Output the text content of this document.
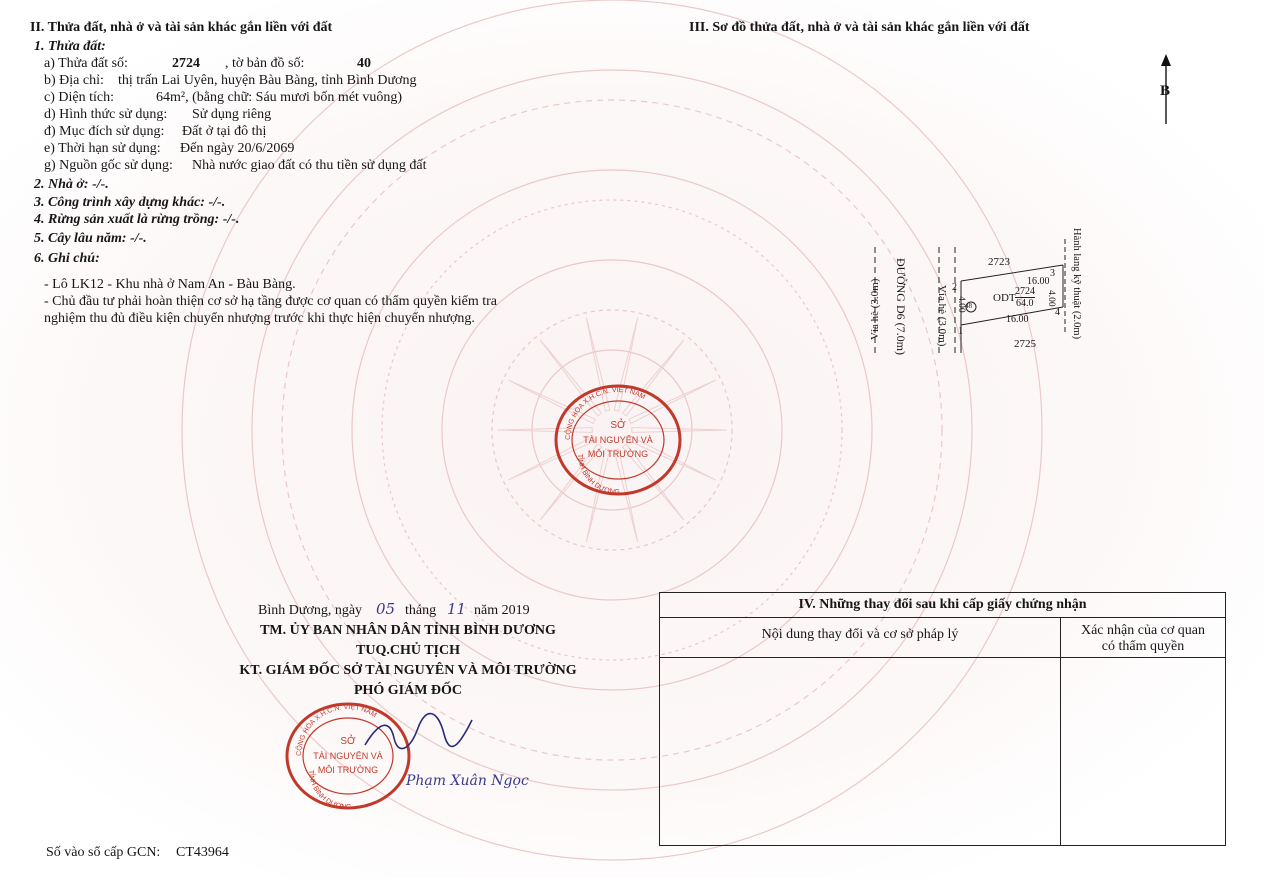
II. Thửa đất, nhà ở và tài sản khác gắn liền với đất
1. Thửa đất:
a) Thửa đất số:	2724 , tờ bản đồ số:	40
b) Địa chỉ: thị trấn Lai Uyên, huyện Bàu Bàng, tỉnh Bình Dương
c) Diện tích:	64m², (bằng chữ: Sáu mươi bốn mét vuông)
d) Hình thức sử dụng: Sử dụng riêng
đ) Mục đích sử dụng: Đất ở tại đô thị
e) Thời hạn sử dụng: Đến ngày 20/6/2069
g) Nguồn gốc sử dụng: Nhà nước giao đất có thu tiền sử dụng đất
2. Nhà ở: -/-.
3. Công trình xây dựng khác: -/-.
4. Rừng sản xuất là rừng trồng: -/-.
5. Cây lâu năm: -/-.
6. Ghi chú:
- Lô LK12 - Khu nhà ở Nam An - Bàu Bàng.
- Chủ đầu tư phải hoàn thiện cơ sở hạ tầng được cơ quan có thẩm quyền kiểm tra
nghiệm thu đủ điều kiện chuyển nhượng trước khi thực hiện chuyển nhượng.
III. Sơ đồ thửa đất, nhà ở và tài sản khác gắn liền với đất
B
Vỉa hè (3.0m) ĐƯỜNG D6 (7.0m)	Vỉa hè (3.0m)	Hành lang kỹ thuật (2.0m)
2723
2725
16.00
16.00
ODT
2724
64.0
4.00	4.00
1
2
3
4
48
CỘNG HÒA X.H.C.N. VIỆT NAM
TỈNH BÌNH DƯƠNG
SỞ
TÀI NGUYÊN VÀ
MÔI TRƯỜNG
Bình Dương, ngày 05 tháng 11 năm 2019
TM. ỦY BAN NHÂN DÂN TỈNH BÌNH DƯƠNG
TUQ.CHỦ TỊCH
KT. GIÁM ĐỐC SỞ TÀI NGUYÊN VÀ MÔI TRƯỜNG
PHÓ GIÁM ĐỐC
CỘNG HÒA X.H.C.N. VIỆT NAM
TỈNH BÌNH DƯƠNG
SỞ
TÀI NGUYÊN VÀ
MÔI TRƯỜNG
Phạm Xuân Ngọc
IV. Những thay đổi sau khi cấp giấy chứng nhận
Nội dung thay đổi và cơ sở pháp lý	Xác nhận của cơ quan
có thẩm quyền
Số vào sổ cấp GCN: CT43964
